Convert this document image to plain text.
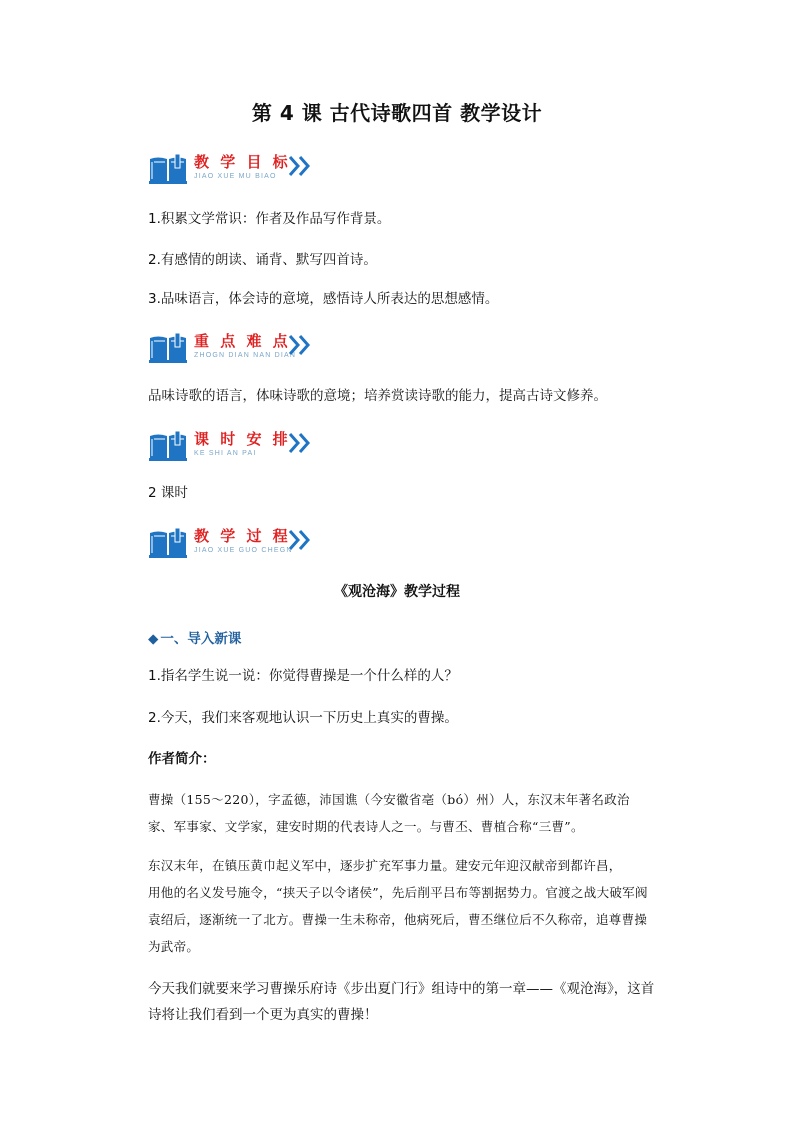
第 4 课 古代诗歌四首 教学设计
教 学 目 标
JIAO XUE MU BIAO
1.积累文学常识：作者及作品写作背景。
2.有感情的朗读、诵背、默写四首诗。
3.品味语言，体会诗的意境，感悟诗人所表达的思想感情。
重 点 难 点
ZHOGN DIAN NAN DIAN
品味诗歌的语言，体味诗歌的意境；培养赏读诗歌的能力，提高古诗文修养。
课 时 安 排
KE SHI AN PAI
2 课时
教 学 过 程
JIAO XUE GUO CHEGN
《观沧海》教学过程
◆ 一、导入新课
1.指名学生说一说：你觉得曹操是一个什么样的人？
2.今天，我们来客观地认识一下历史上真实的曹操。
作者简介：
曹操（155～220），字孟德，沛国谯（今安徽省亳（bó）州）人，东汉末年著名政治
家、军事家、文学家，建安时期的代表诗人之一。与曹丕、曹植合称“三曹”。
东汉末年，在镇压黄巾起义军中，逐步扩充军事力量。建安元年迎汉献帝到都许昌，
用他的名义发号施令，“挟天子以令诸侯”，先后削平吕布等割据势力。官渡之战大破军阀
袁绍后，逐渐统一了北方。曹操一生未称帝，他病死后，曹丕继位后不久称帝，追尊曹操
为武帝。
今天我们就要来学习曹操乐府诗《步出夏门行》组诗中的第一章——《观沧海》，这首
诗将让我们看到一个更为真实的曹操！
